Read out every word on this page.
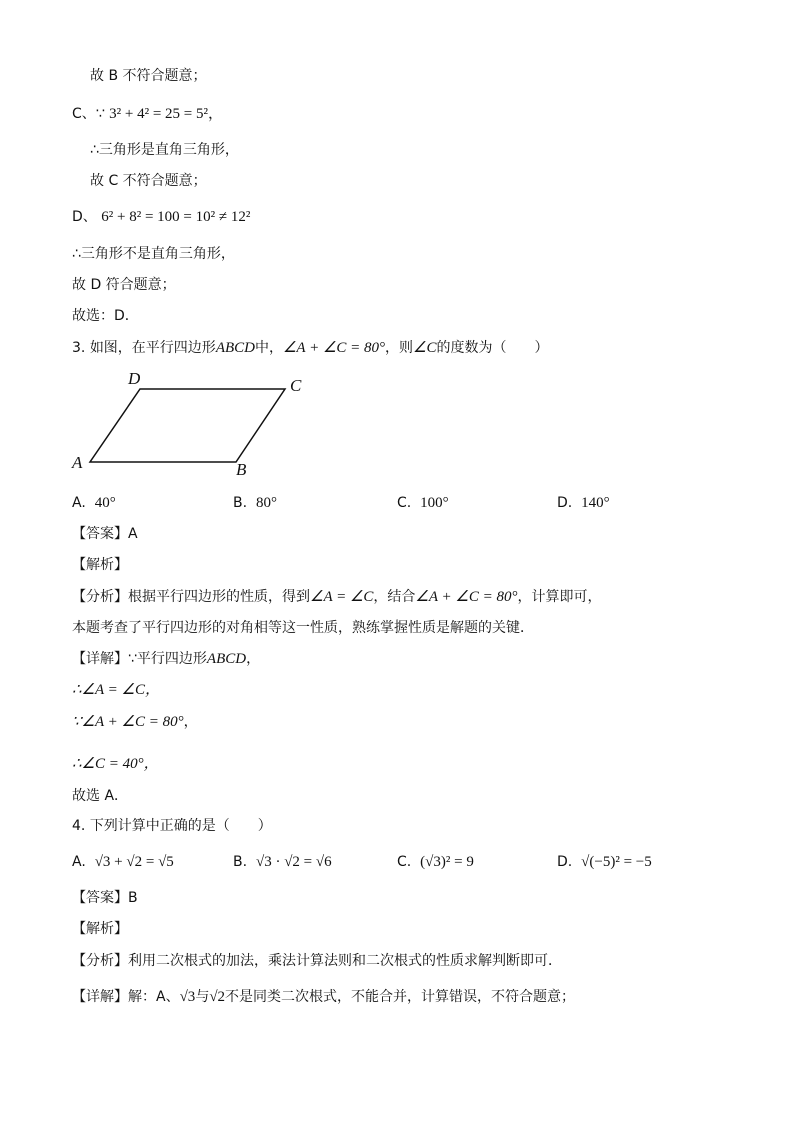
故 B 不符合题意；
C、∵ 3² + 4² = 25 = 5²，
∴三角形是直角三角形，
故 C 不符合题意；
D、 6² + 8² = 100 = 10² ≠ 12²
∴三角形不是直角三角形，
故 D 符合题意；
故选：D．
3. 如图，在平行四边形ABCD中，∠A + ∠C = 80°，则∠C的度数为（　　）
A	B
C
D
A. 40°	B. 80°	C. 100°	D. 140°
【答案】A
【解析】
【分析】根据平行四边形的性质，得到∠A = ∠C，结合∠A + ∠C = 80°，计算即可，
本题考查了平行四边形的对角相等这一性质，熟练掌握性质是解题的关键．
【详解】∵平行四边形ABCD，
∴∠A = ∠C，
∵∠A + ∠C = 80°，
∴∠C = 40°，
故选 A．
4. 下列计算中正确的是（　　）
A. √3 + √2 = √5	B. √3 · √2 = √6	C. (√3)² = 9	D. √(−5)² = −5
【答案】B
【解析】
【分析】利用二次根式的加法，乘法计算法则和二次根式的性质求解判断即可．
【详解】解：A、√3与√2不是同类二次根式，不能合并，计算错误，不符合题意；
